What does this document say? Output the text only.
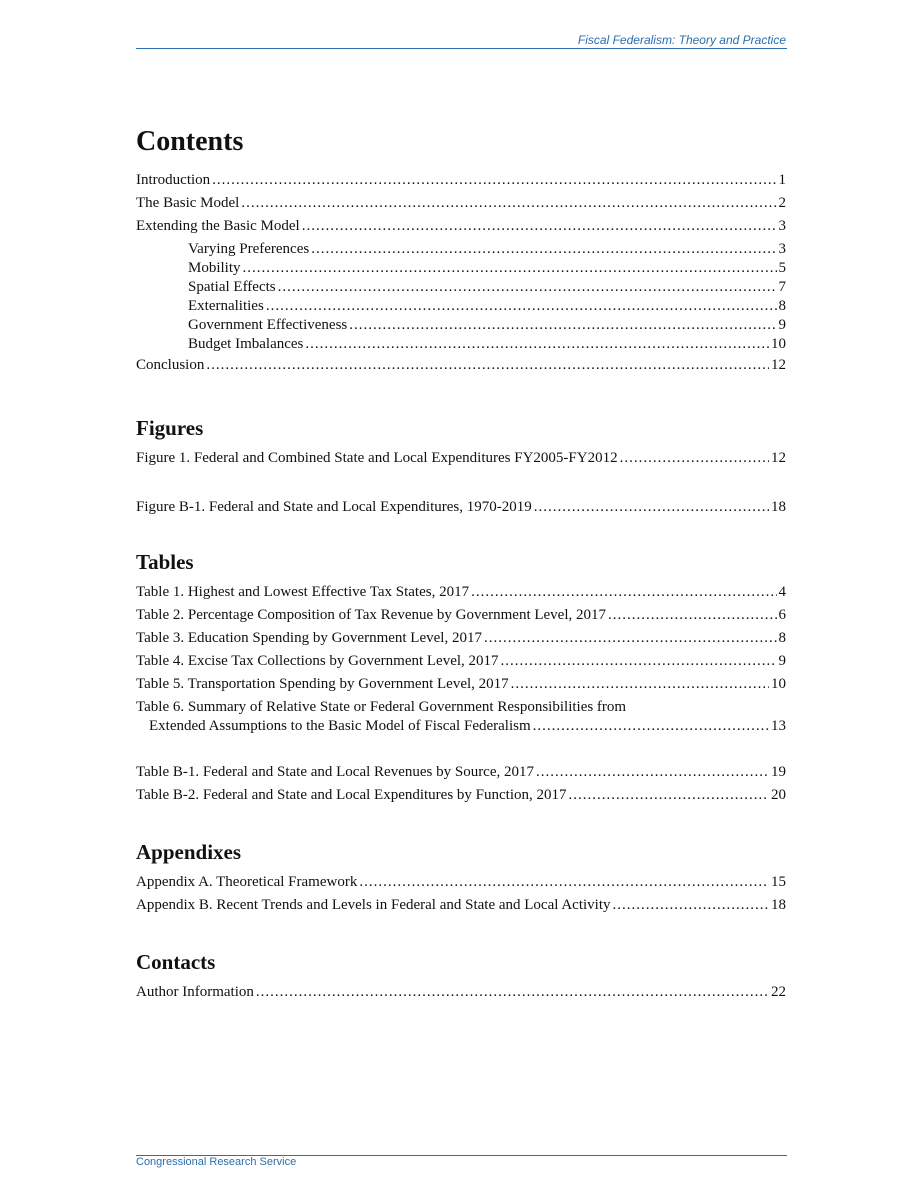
Fiscal Federalism: Theory and Practice
Contents
Introduction .....	1
The Basic Model .....	2
Extending the Basic Model .....	3
Varying Preferences .....	3
Mobility .....	5
Spatial Effects .....	7
Externalities .....	8
Government Effectiveness .....	9
Budget Imbalances .....	10
Conclusion .....	12
Figures
Figure 1. Federal and Combined State and Local Expenditures FY2005-FY2012 .....	12
Figure B-1. Federal and State and Local Expenditures, 1970-2019 .....	18
Tables
Table 1. Highest and Lowest Effective Tax States, 2017 .....	4
Table 2. Percentage Composition of Tax Revenue by Government Level, 2017 .....	6
Table 3. Education Spending by Government Level, 2017 .....	8
Table 4. Excise Tax Collections by Government Level, 2017 .....	9
Table 5. Transportation Spending by Government Level, 2017 .....	10
Table 6. Summary of Relative State or Federal Government Responsibilities from
Extended Assumptions to the Basic Model of Fiscal Federalism .....	13
Table B-1. Federal and State and Local Revenues by Source, 2017 .....	19
Table B-2. Federal and State and Local Expenditures by Function, 2017 .....	20
Appendixes
Appendix A. Theoretical Framework .....	15
Appendix B. Recent Trends and Levels in Federal and State and Local Activity .....	18
Contacts
Author Information .....	22
Congressional Research Service
